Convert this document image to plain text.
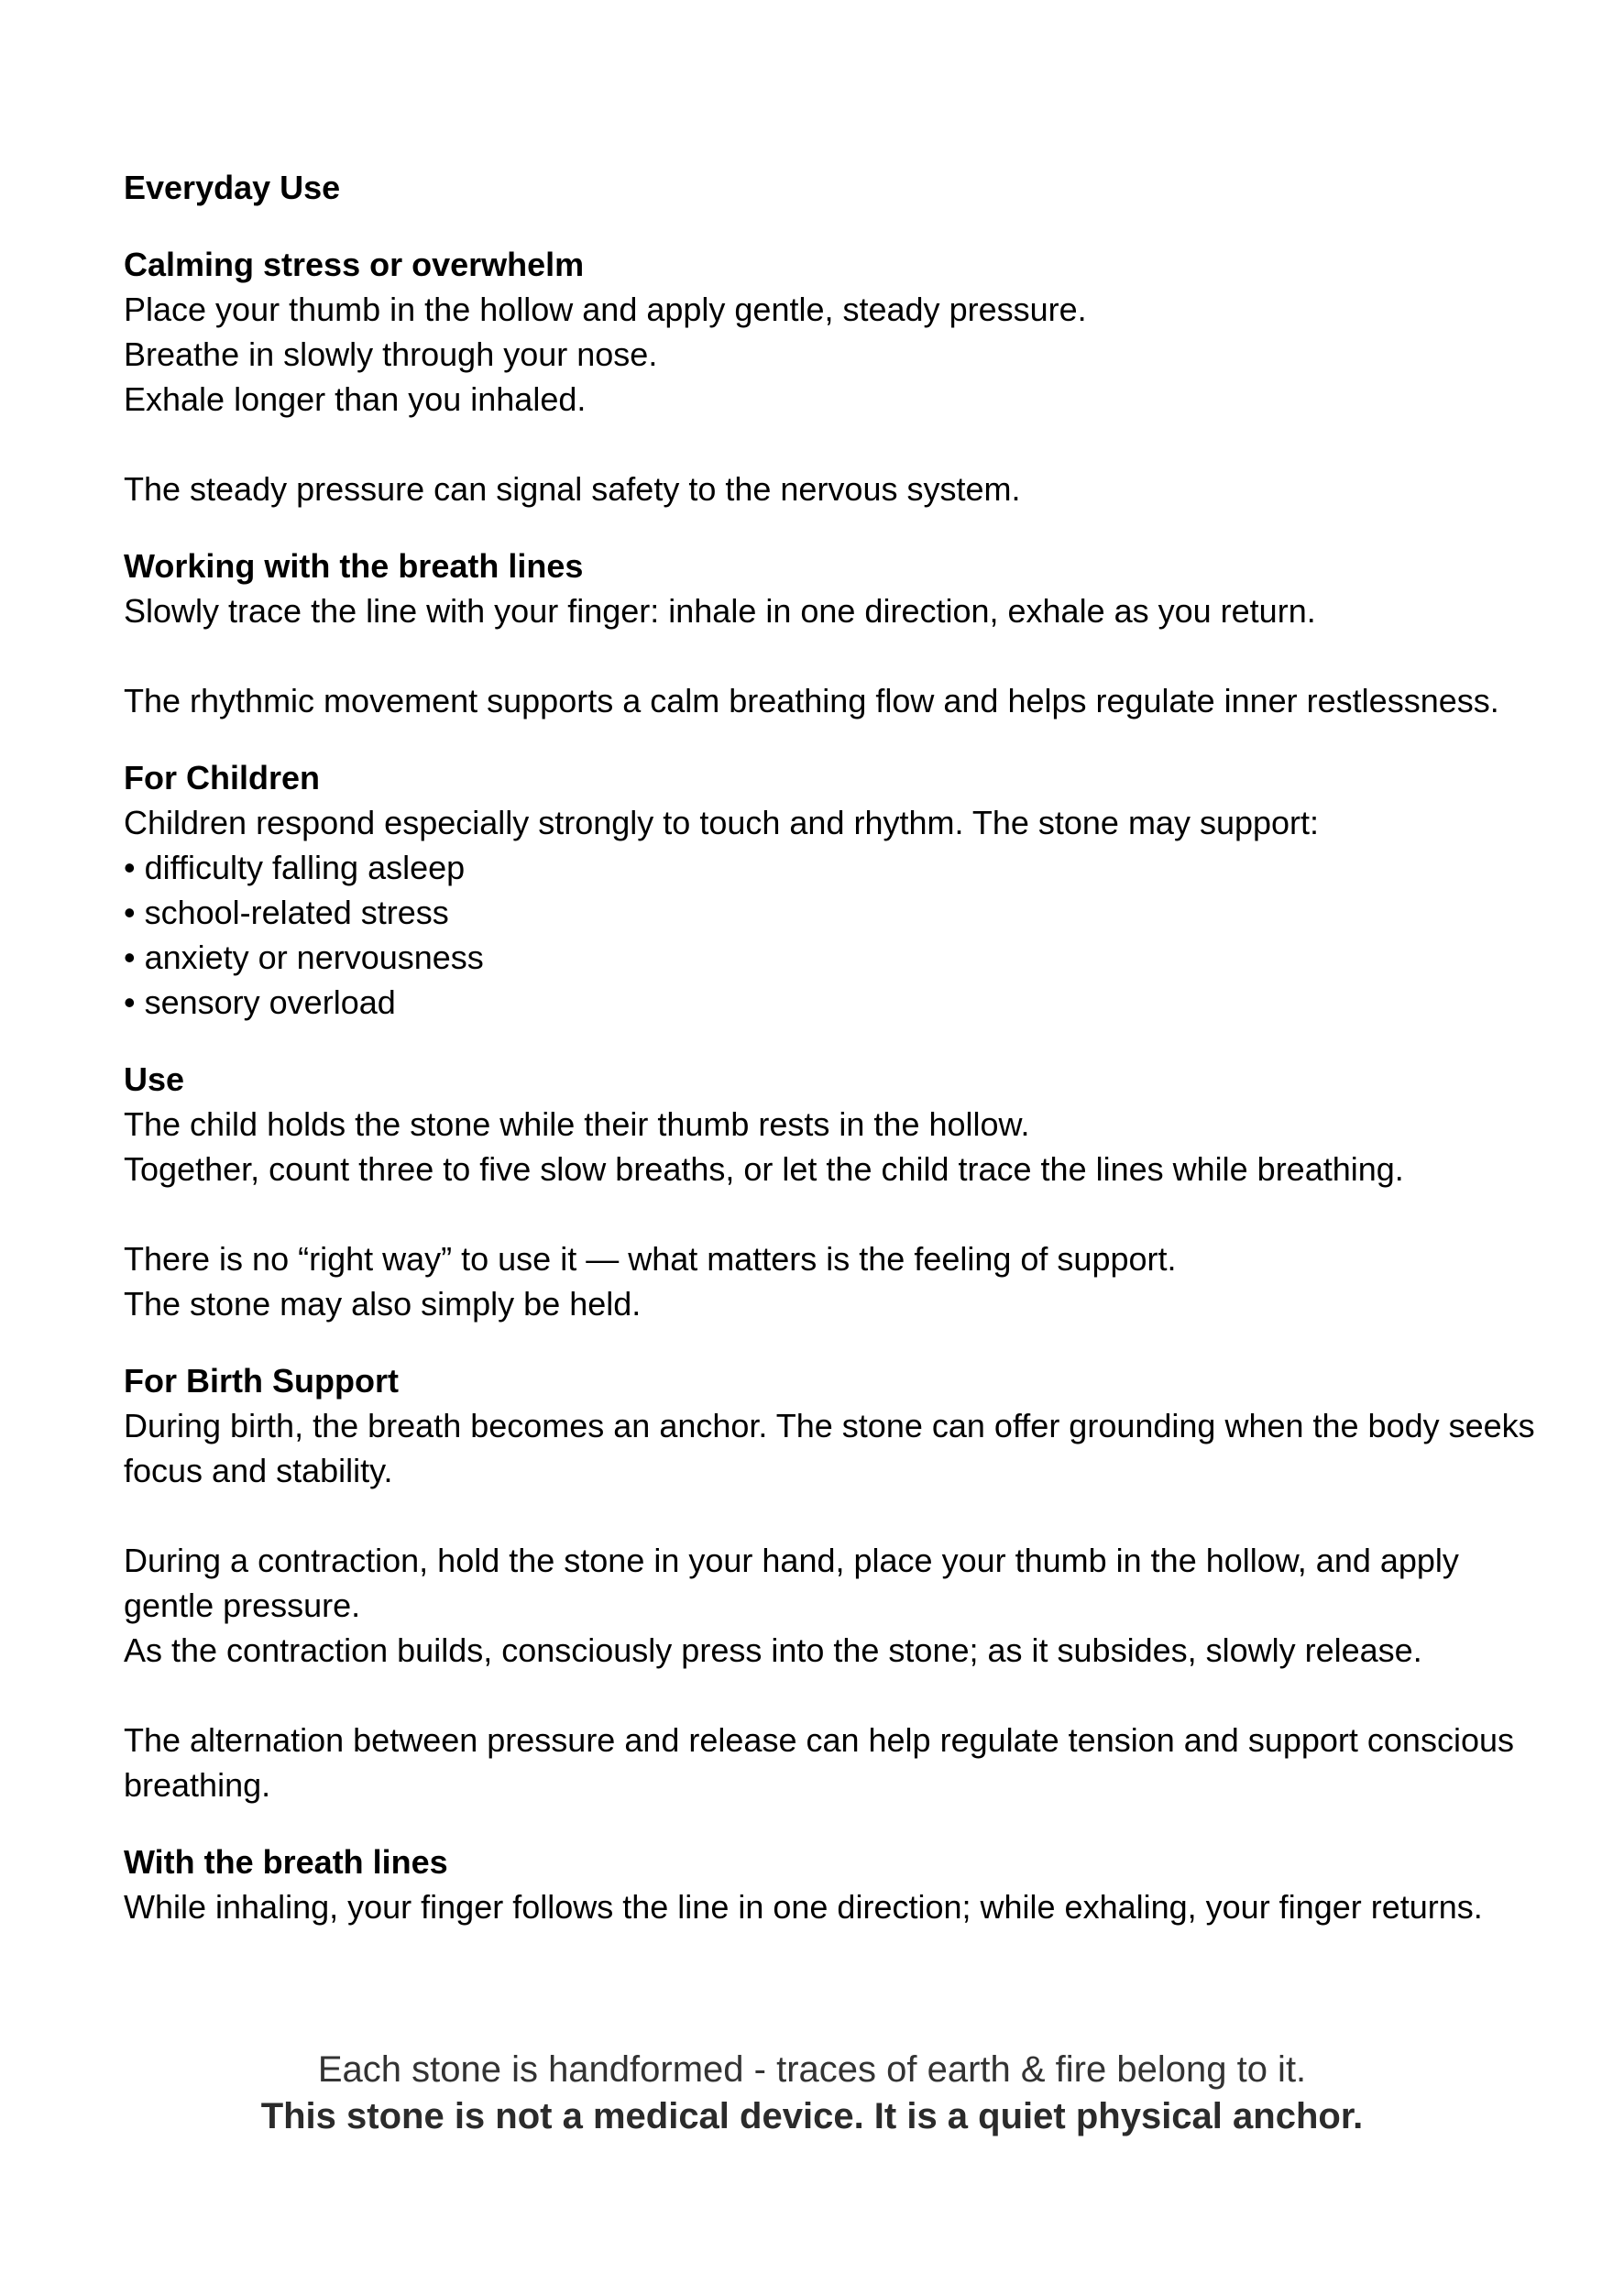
Everyday Use

Calming stress or overwhelm

Place your thumb in the hollow and apply gentle, steady pressure.
Breathe in slowly through your nose.
Exhale longer than you inhaled.

The steady pressure can signal safety to the nervous system.

Working with the breath lines

Slowly trace the line with your finger: inhale in one direction, exhale as you return.

The rhythmic movement supports a calm breathing flow and helps regulate inner restlessness.

For Children

Children respond especially strongly to touch and rhythm. The stone may support:

• difficulty falling asleep
• school-related stress
• anxiety or nervousness
• sensory overload

Use

The child holds the stone while their thumb rests in the hollow.
Together, count three to five slow breaths, or let the child trace the lines while breathing.

There is no “right way” to use it — what matters is the feeling of support.
The stone may also simply be held.

For Birth Support

During birth, the breath becomes an anchor. The stone can offer grounding when the body seeks focus and stability.

During a contraction, hold the stone in your hand, place your thumb in the hollow, and apply gentle pressure.
As the contraction builds, consciously press into the stone; as it subsides, slowly release.

The alternation between pressure and release can help regulate tension and support conscious breathing.

With the breath lines

While inhaling, your finger follows the line in one direction; while exhaling, your finger returns.

Each stone is handformed - traces of earth & fire belong to it.

This stone is not a medical device. It is a quiet physical anchor.
